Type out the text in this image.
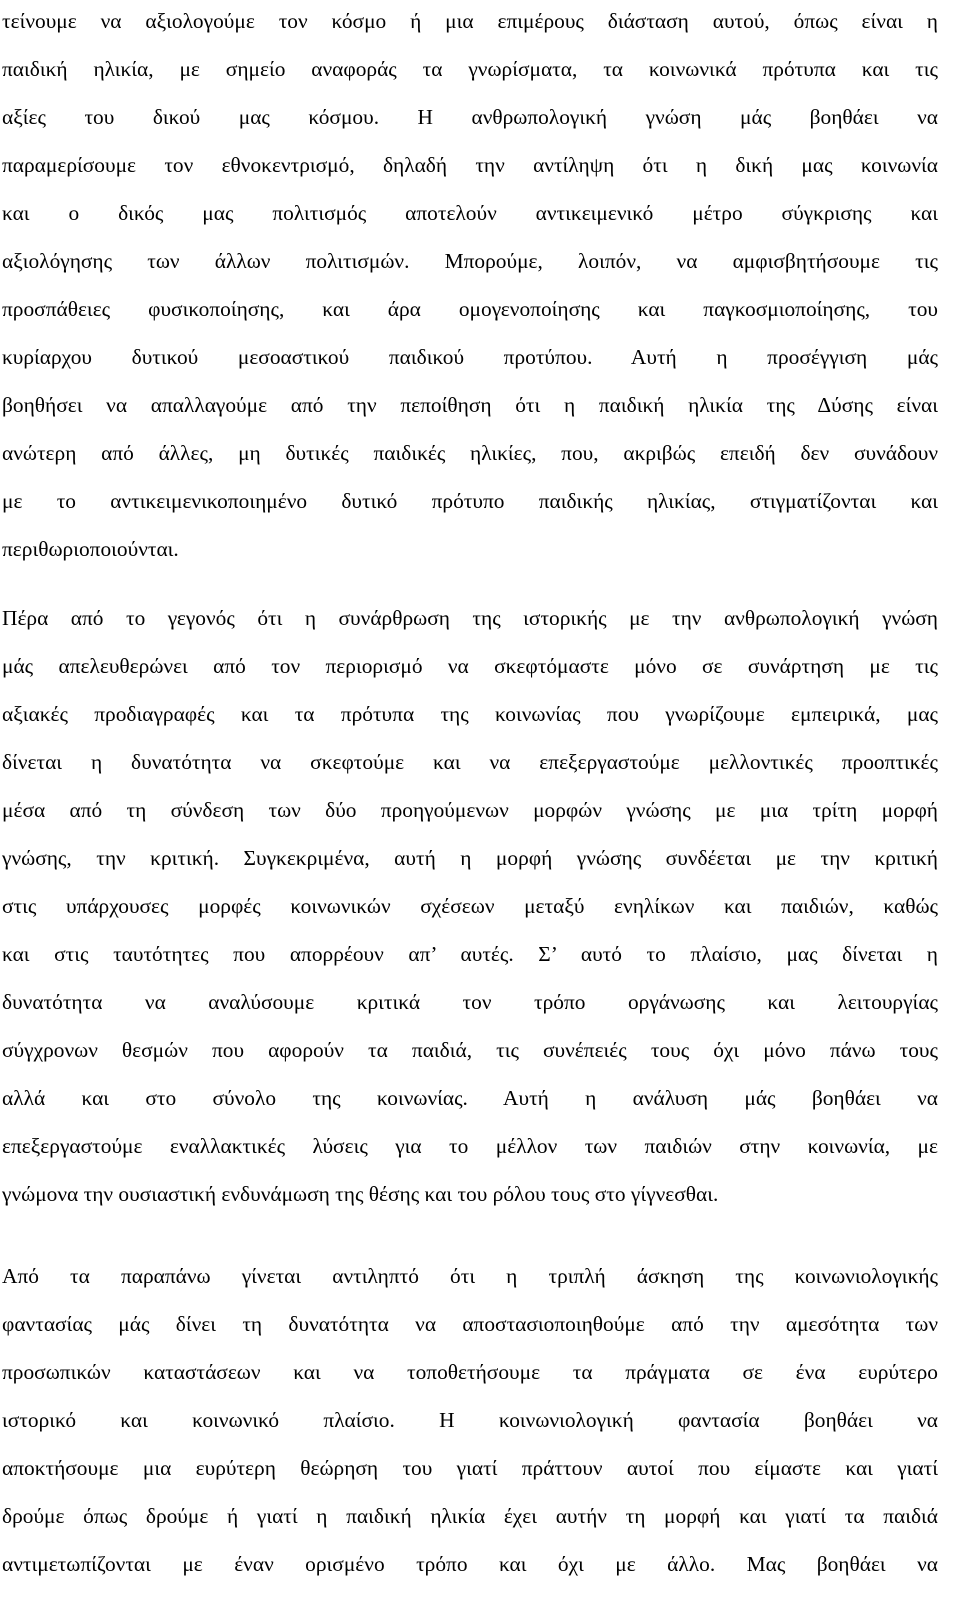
τείνουμε να αξιολογούμε τον κόσμο ή μια επιμέρους διάσταση αυτού, όπως είναι η
παιδική ηλικία, με σημείο αναφοράς τα γνωρίσματα, τα κοινωνικά πρότυπα και τις
αξίες του δικού μας κόσμου. Η ανθρωπολογική γνώση μάς βοηθάει να
παραμερίσουμε τον εθνοκεντρισμό, δηλαδή την αντίληψη ότι η δική μας κοινωνία
και ο δικός μας πολιτισμός αποτελούν αντικειμενικό μέτρο σύγκρισης και
αξιολόγησης των άλλων πολιτισμών. Μπορούμε, λοιπόν, να αμφισβητήσουμε τις
προσπάθειες φυσικοποίησης, και άρα ομογενοποίησης και παγκοσμιοποίησης, του
κυρίαρχου δυτικού μεσοαστικού παιδικού προτύπου. Αυτή η προσέγγιση μάς
βοηθήσει να απαλλαγούμε από την πεποίθηση ότι η παιδική ηλικία της Δύσης είναι
ανώτερη από άλλες, μη δυτικές παιδικές ηλικίες, που, ακριβώς επειδή δεν συνάδουν
με το αντικειμενικοποιημένο δυτικό πρότυπο παιδικής ηλικίας, στιγματίζονται και
περιθωριοποιούνται.
Πέρα από το γεγονός ότι η συνάρθρωση της ιστορικής με την ανθρωπολογική γνώση
μάς απελευθερώνει από τον περιορισμό να σκεφτόμαστε μόνο σε συνάρτηση με τις
αξιακές προδιαγραφές και τα πρότυπα της κοινωνίας που γνωρίζουμε εμπειρικά, μας
δίνεται η δυνατότητα να σκεφτούμε και να επεξεργαστούμε μελλοντικές προοπτικές
μέσα από τη σύνδεση των δύο προηγούμενων μορφών γνώσης με μια τρίτη μορφή
γνώσης, την κριτική. Συγκεκριμένα, αυτή η μορφή γνώσης συνδέεται με την κριτική
στις υπάρχουσες μορφές κοινωνικών σχέσεων μεταξύ ενηλίκων και παιδιών, καθώς
και στις ταυτότητες που απορρέουν απ’ αυτές. Σ’ αυτό το πλαίσιο, μας δίνεται η
δυνατότητα να αναλύσουμε κριτικά τον τρόπο οργάνωσης και λειτουργίας
σύγχρονων θεσμών που αφορούν τα παιδιά, τις συνέπειές τους όχι μόνο πάνω τους
αλλά και στο σύνολο της κοινωνίας. Αυτή η ανάλυση μάς βοηθάει να
επεξεργαστούμε εναλλακτικές λύσεις για το μέλλον των παιδιών στην κοινωνία, με
γνώμονα την ουσιαστική ενδυνάμωση της θέσης και του ρόλου τους στο γίγνεσθαι.
Από τα παραπάνω γίνεται αντιληπτό ότι η τριπλή άσκηση της κοινωνιολογικής
φαντασίας μάς δίνει τη δυνατότητα να αποστασιοποιηθούμε από την αμεσότητα των
προσωπικών καταστάσεων και να τοποθετήσουμε τα πράγματα σε ένα ευρύτερο
ιστορικό και κοινωνικό πλαίσιο. Η κοινωνιολογική φαντασία βοηθάει να
αποκτήσουμε μια ευρύτερη θεώρηση του γιατί πράττουν αυτοί που είμαστε και γιατί
δρούμε όπως δρούμε ή γιατί η παιδική ηλικία έχει αυτήν τη μορφή και γιατί τα παιδιά
αντιμετωπίζονται με έναν ορισμένο τρόπο και όχι με άλλο. Μας βοηθάει να
